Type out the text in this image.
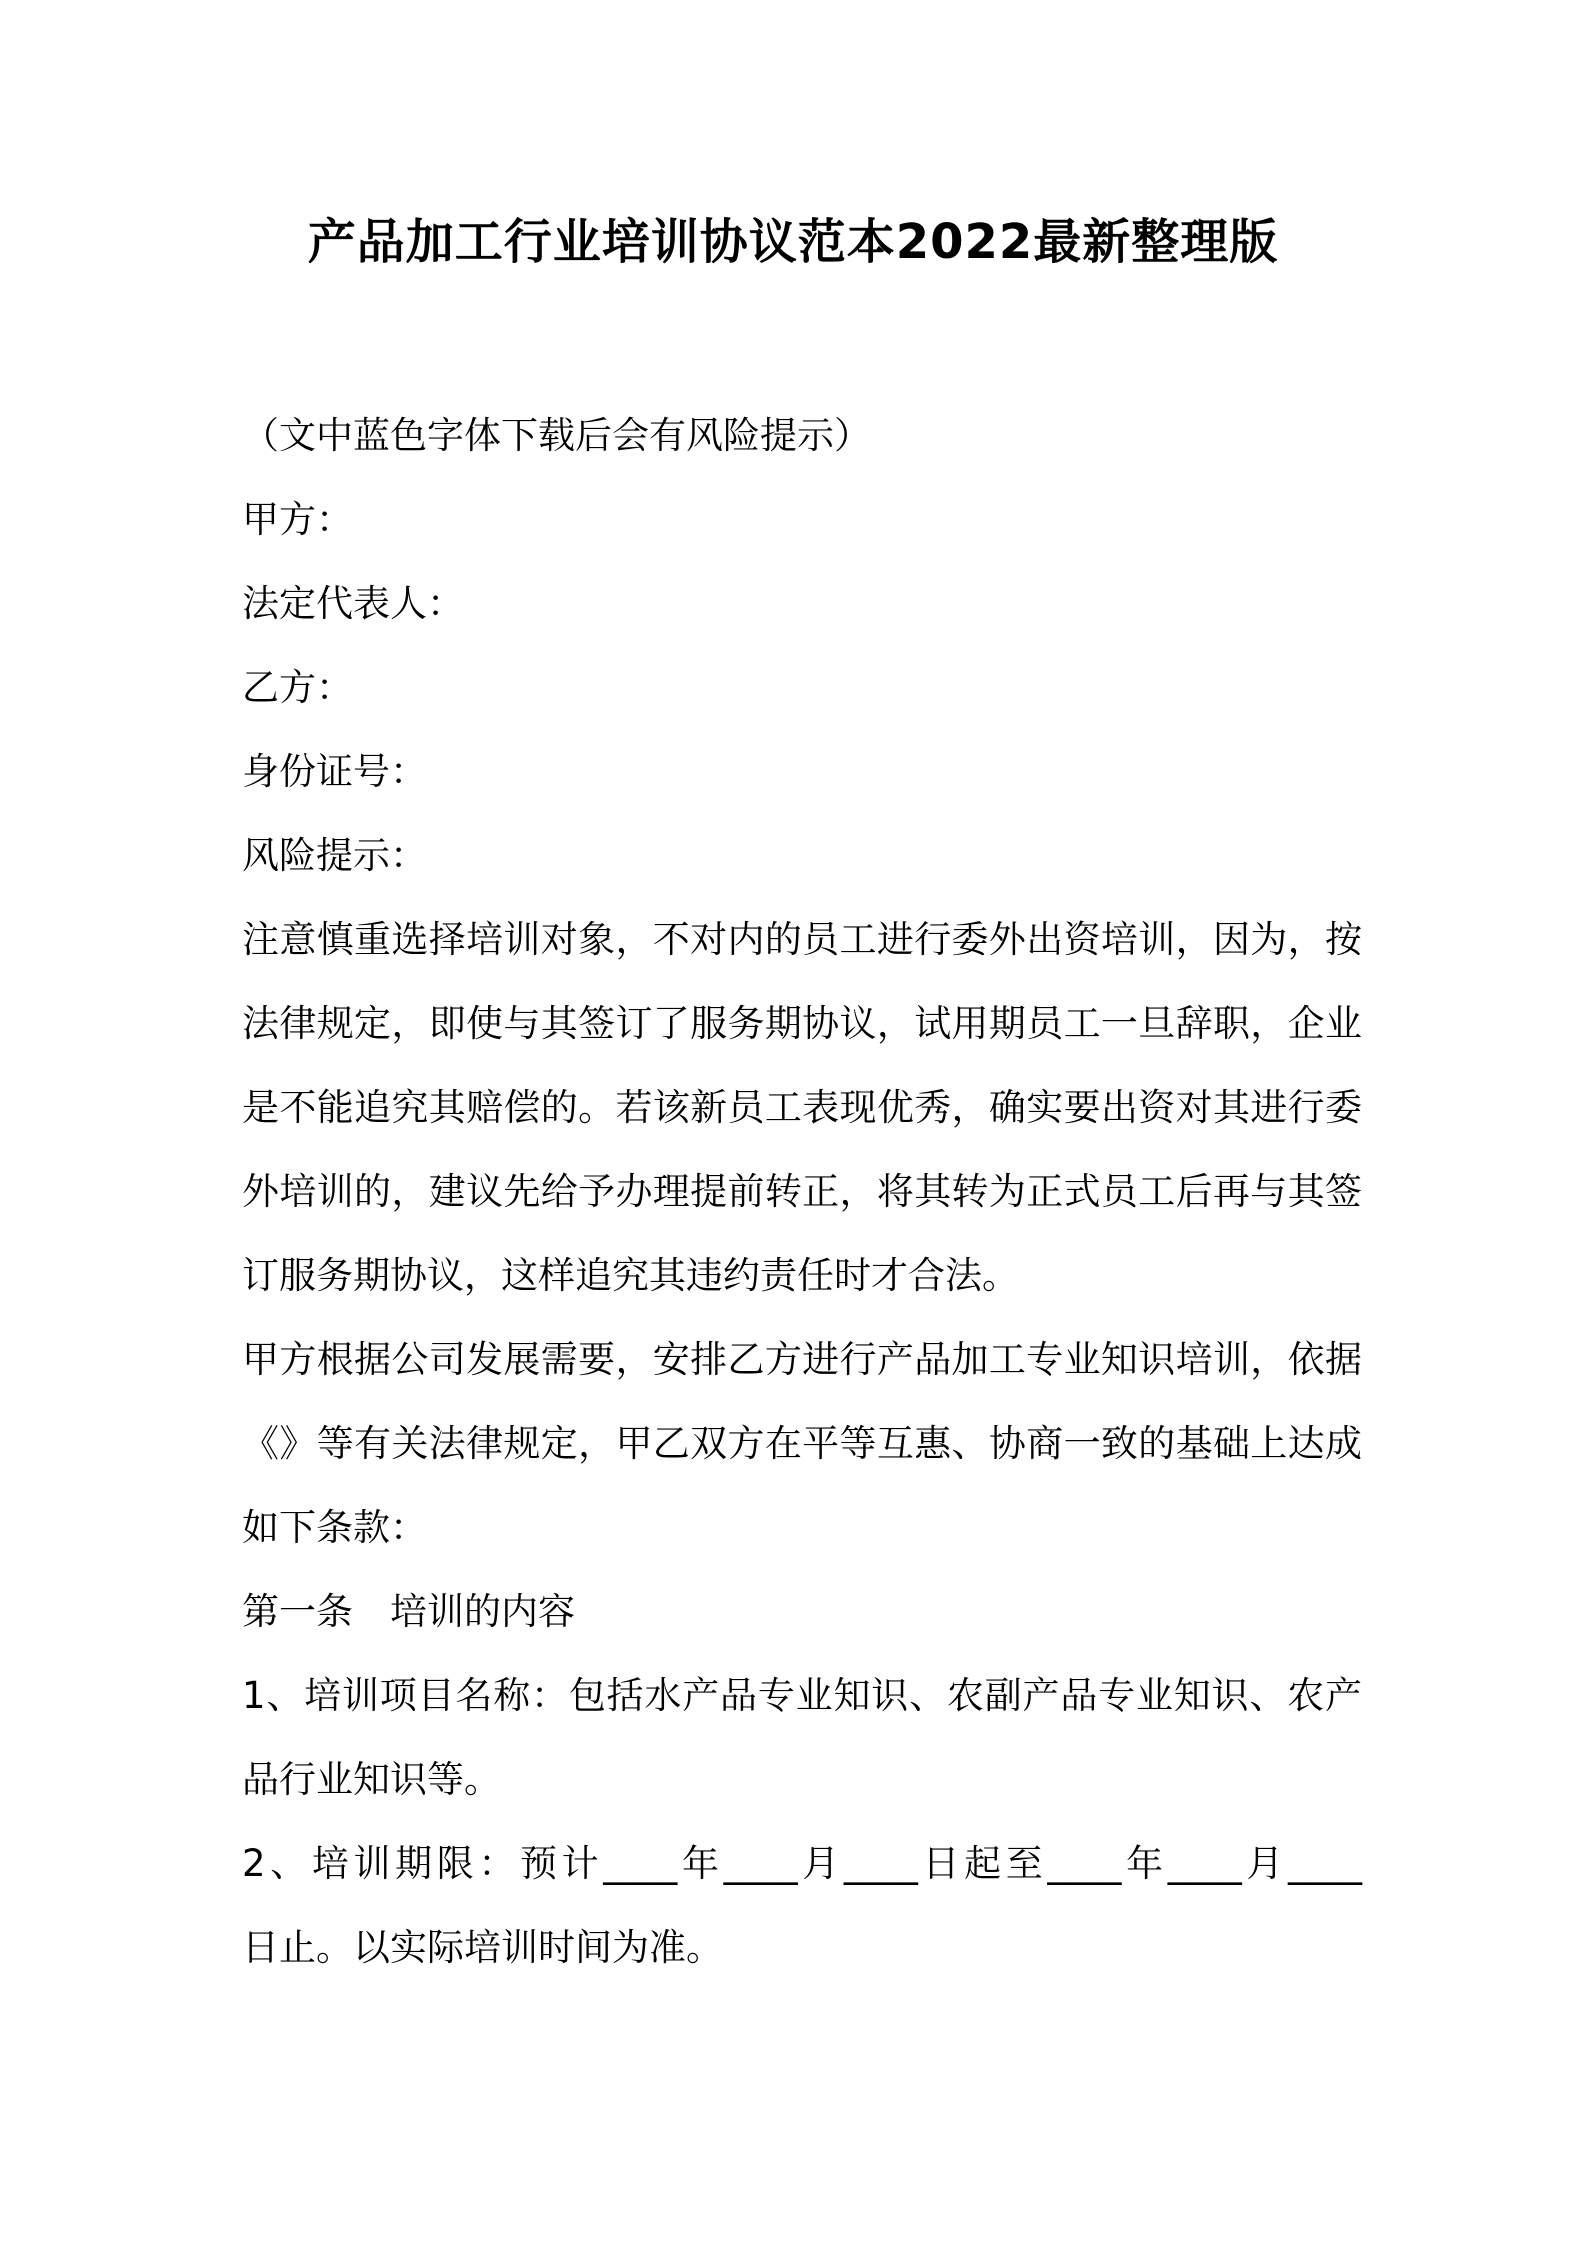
产品加工行业培训协议范本2022最新整理版
（文中蓝色字体下载后会有风险提示）
甲方：
法定代表人：
乙方：
身份证号：
风险提示：
注意慎重选择培训对象，不对内的员工进行委外出资培训，因为，按
法律规定，即使与其签订了服务期协议，试用期员工一旦辞职，企业
是不能追究其赔偿的。若该新员工表现优秀，确实要出资对其进行委
外培训的，建议先给予办理提前转正，将其转为正式员工后再与其签
订服务期协议，这样追究其违约责任时才合法。
甲方根据公司发展需要，安排乙方进行产品加工专业知识培训，依据
《》等有关法律规定，甲乙双方在平等互惠、协商一致的基础上达成
如下条款：
第一条　培训的内容
1、培训项目名称：包括水产品专业知识、农副产品专业知识、农产
品行业知识等。
2、培训期限：预计____年____月____日起至____年____月____
日止。以实际培训时间为准。
